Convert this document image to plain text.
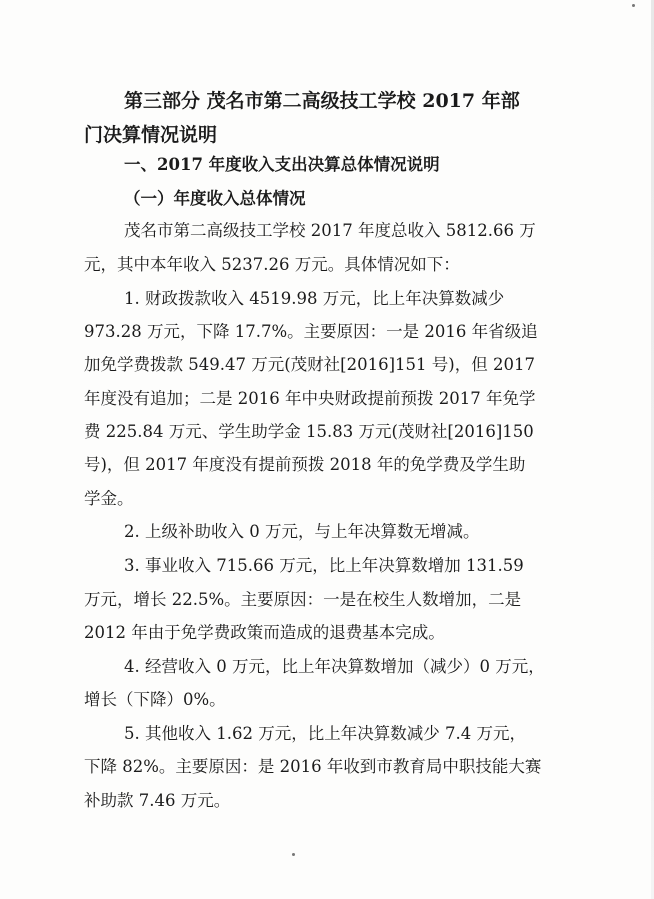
第三部分 茂名市第二高级技工学校 2017 年部
门决算情况说明
一、2017 年度收入支出决算总体情况说明
（一）年度收入总体情况
茂名市第二高级技工学校 2017 年度总收入 5812.66 万
元，其中本年收入 5237.26 万元。具体情况如下：
1. 财政拨款收入 4519.98 万元，比上年决算数减少
973.28 万元，下降 17.7%。主要原因：一是 2016 年省级追
加免学费拨款 549.47 万元(茂财社[2016]151 号)，但 2017
年度没有追加；二是 2016 年中央财政提前预拨 2017 年免学
费 225.84 万元、学生助学金 15.83 万元(茂财社[2016]150
号)，但 2017 年度没有提前预拨 2018 年的免学费及学生助
学金。
2. 上级补助收入 0 万元，与上年决算数无增减。
3. 事业收入 715.66 万元，比上年决算数增加 131.59
万元，增长 22.5%。主要原因：一是在校生人数增加，二是
2012 年由于免学费政策而造成的退费基本完成。
4. 经营收入 0 万元，比上年决算数增加（减少）0 万元，
增长（下降）0%。
5. 其他收入 1.62 万元，比上年决算数减少 7.4 万元，
下降 82%。主要原因：是 2016 年收到市教育局中职技能大赛
补助款 7.46 万元。
